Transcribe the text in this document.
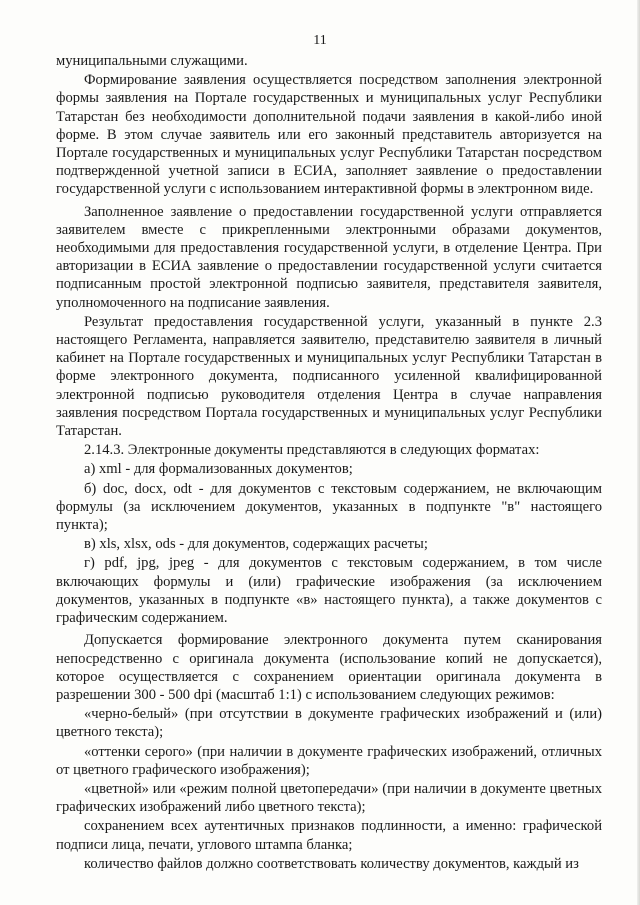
11

муниципальными служащими.

Формирование заявления осуществляется посредством заполнения электронной формы заявления на Портале государственных и муниципальных услуг Республики Татарстан без необходимости дополнительной подачи заявления в какой-либо иной форме. В этом случае заявитель или его законный представитель авторизуется на Портале государственных и муниципальных услуг Республики Татарстан посредством подтвержденной учетной записи в ЕСИА, заполняет заявление о предоставлении государственной услуги с использованием интерактивной формы в электронном виде.

Заполненное заявление о предоставлении государственной услуги отправляется заявителем вместе с прикрепленными электронными образами документов, необходимыми для предоставления государственной услуги, в отделение Центра. При авторизации в ЕСИА заявление о предоставлении государственной услуги считается подписанным простой электронной подписью заявителя, представителя заявителя, уполномоченного на подписание заявления.

Результат предоставления государственной услуги, указанный в пункте 2.3 настоящего Регламента, направляется заявителю, представителю заявителя в личный кабинет на Портале государственных и муниципальных услуг Республики Татарстан в форме электронного документа, подписанного усиленной квалифицированной электронной подписью руководителя отделения Центра в случае направления заявления посредством Портала государственных и муниципальных услуг Республики Татарстан.

2.14.3. Электронные документы представляются в следующих форматах:

а) xml - для формализованных документов;

б) doc, docx, odt - для документов с текстовым содержанием, не включающим формулы (за исключением документов, указанных в подпункте "в" настоящего пункта);

в) xls, xlsx, ods - для документов, содержащих расчеты;

г) pdf, jpg, jpeg - для документов с текстовым содержанием, в том числе включающих формулы и (или) графические изображения (за исключением документов, указанных в подпункте «в» настоящего пункта), а также документов с графическим содержанием.

Допускается формирование электронного документа путем сканирования непосредственно с оригинала документа (использование копий не допускается), которое осуществляется с сохранением ориентации оригинала документа в разрешении 300 - 500 dpi (масштаб 1:1) с использованием следующих режимов:

«черно-белый» (при отсутствии в документе графических изображений и (или) цветного текста);

«оттенки серого» (при наличии в документе графических изображений, отличных от цветного графического изображения);

«цветной» или «режим полной цветопередачи» (при наличии в документе цветных графических изображений либо цветного текста);

сохранением всех аутентичных признаков подлинности, а именно: графической подписи лица, печати, углового штампа бланка;

количество файлов должно соответствовать количеству документов, каждый из
